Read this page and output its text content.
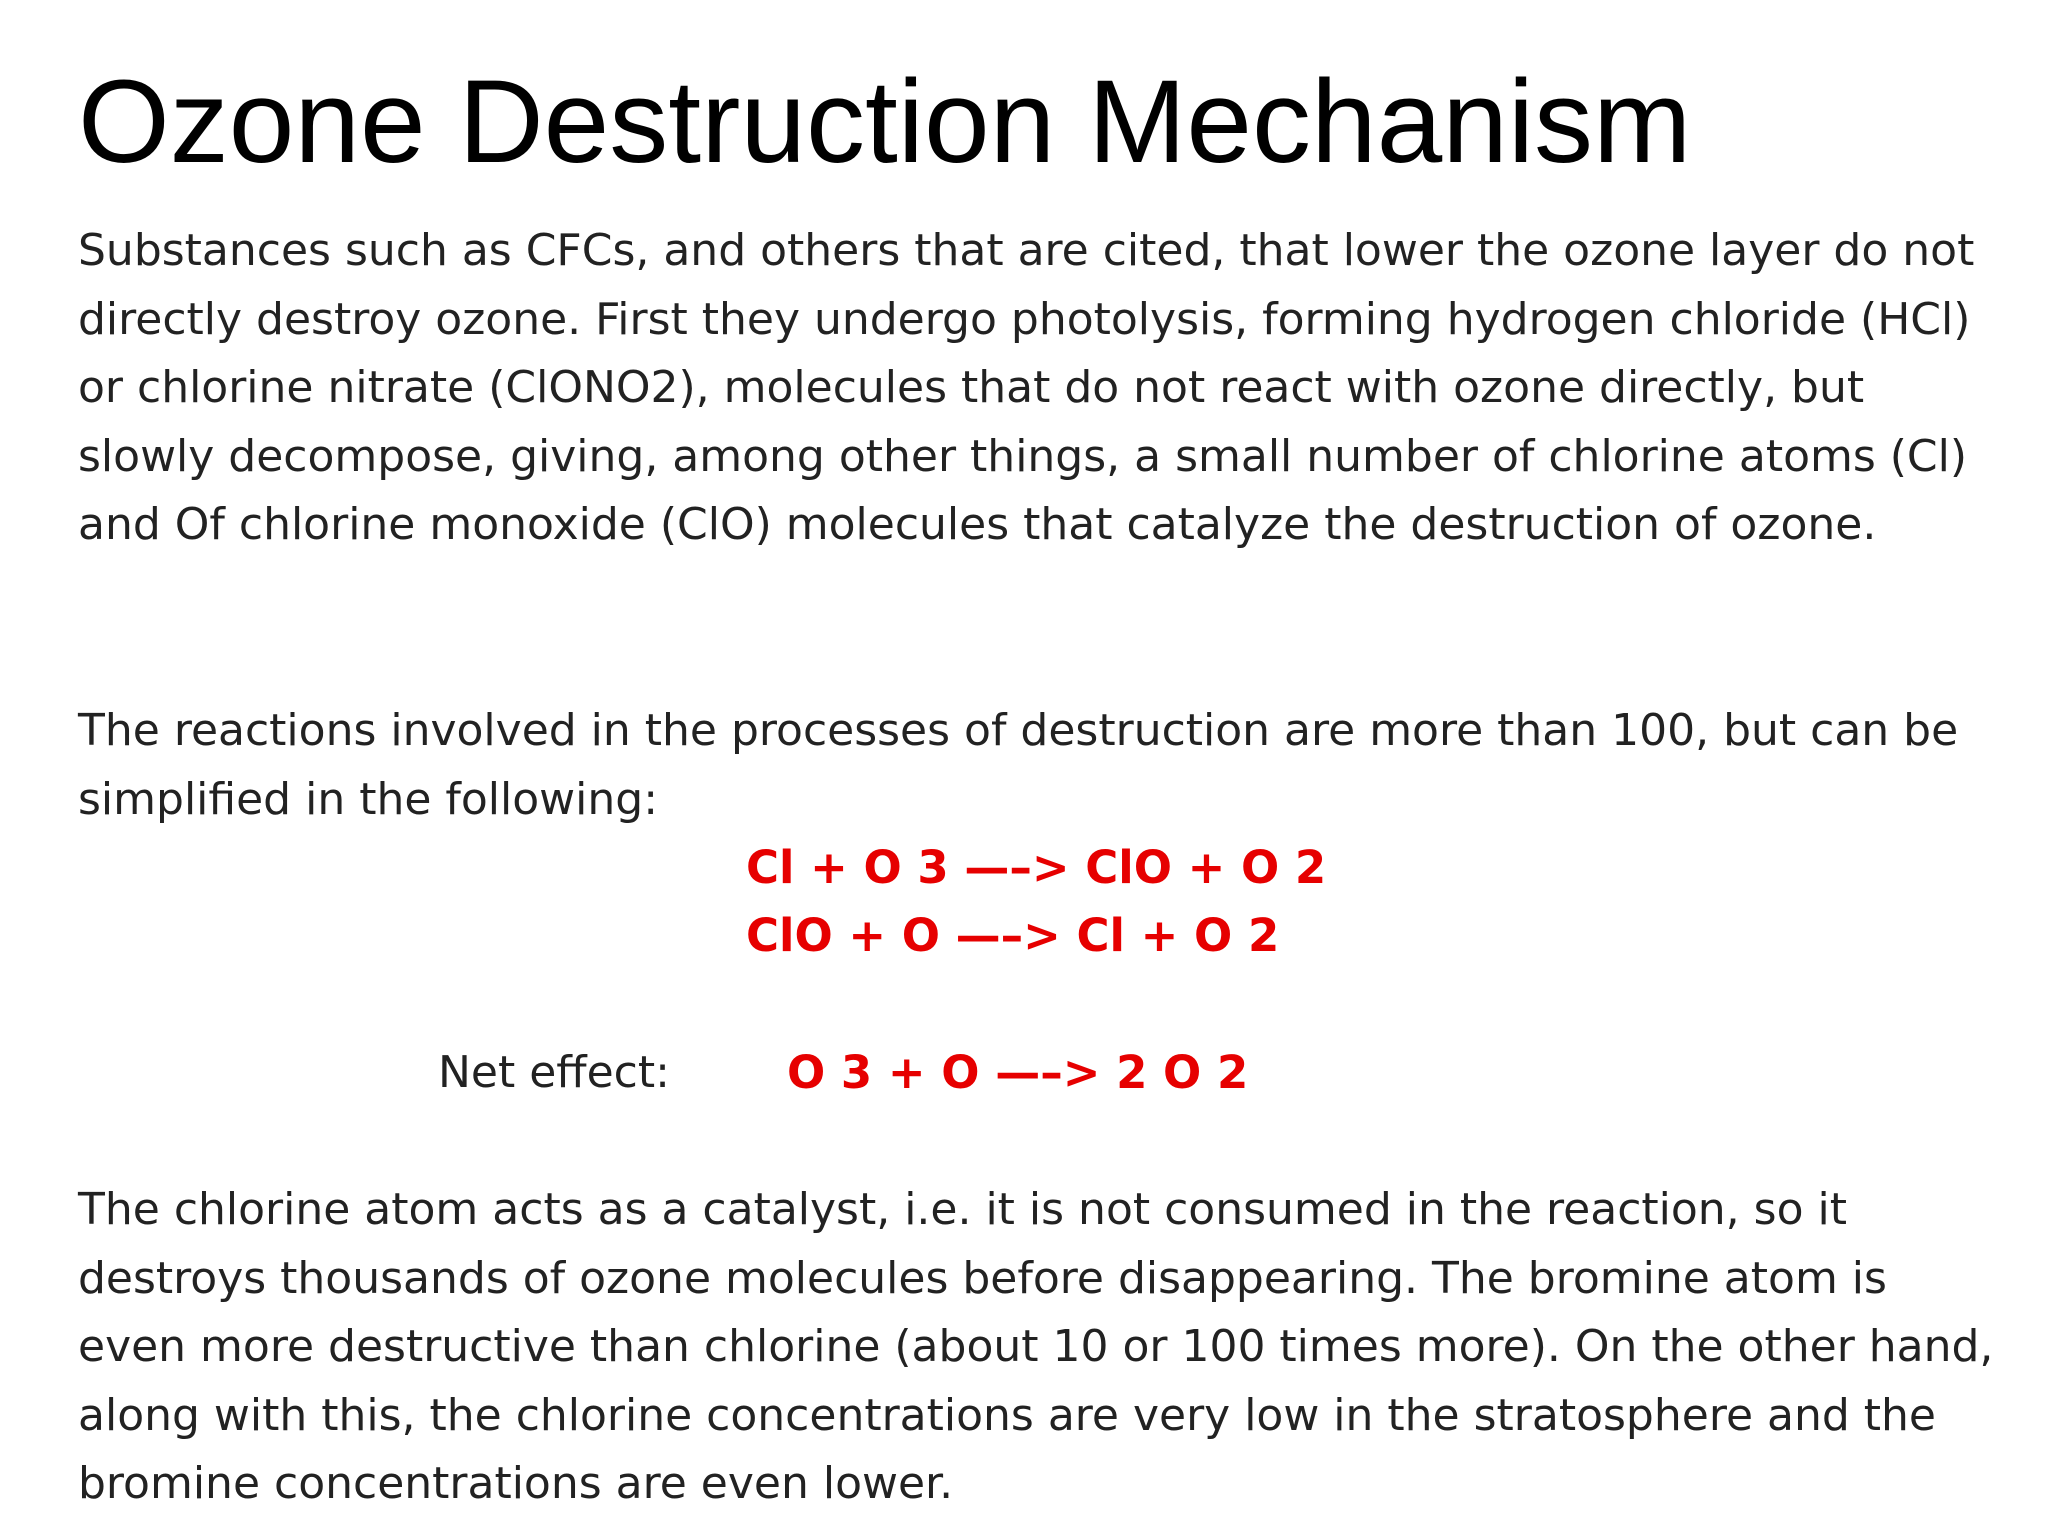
Ozone Destruction Mechanism

Substances such as CFCs, and others that are cited, that lower the ozone layer do not directly destroy ozone. First they undergo photolysis, forming hydrogen chloride (HCl) or chlorine nitrate (ClONO2), molecules that do not react with ozone directly, but slowly decompose, giving, among other things, a small number of chlorine atoms (Cl) and Of chlorine monoxide (ClO) molecules that catalyze the destruction of ozone.

The reactions involved in the processes of destruction are more than 100, but can be simplified in the following:

Cl + O 3 —–> ClO + O 2

ClO + O —–> Cl + O 2

Net effect:	O 3 + O —–> 2 O 2

The chlorine atom acts as a catalyst, i.e. it is not consumed in the reaction, so it destroys thousands of ozone molecules before disappearing. The bromine atom is even more destructive than chlorine (about 10 or 100 times more). On the other hand, along with this, the chlorine concentrations are very low in the stratosphere and the bromine concentrations are even lower.
